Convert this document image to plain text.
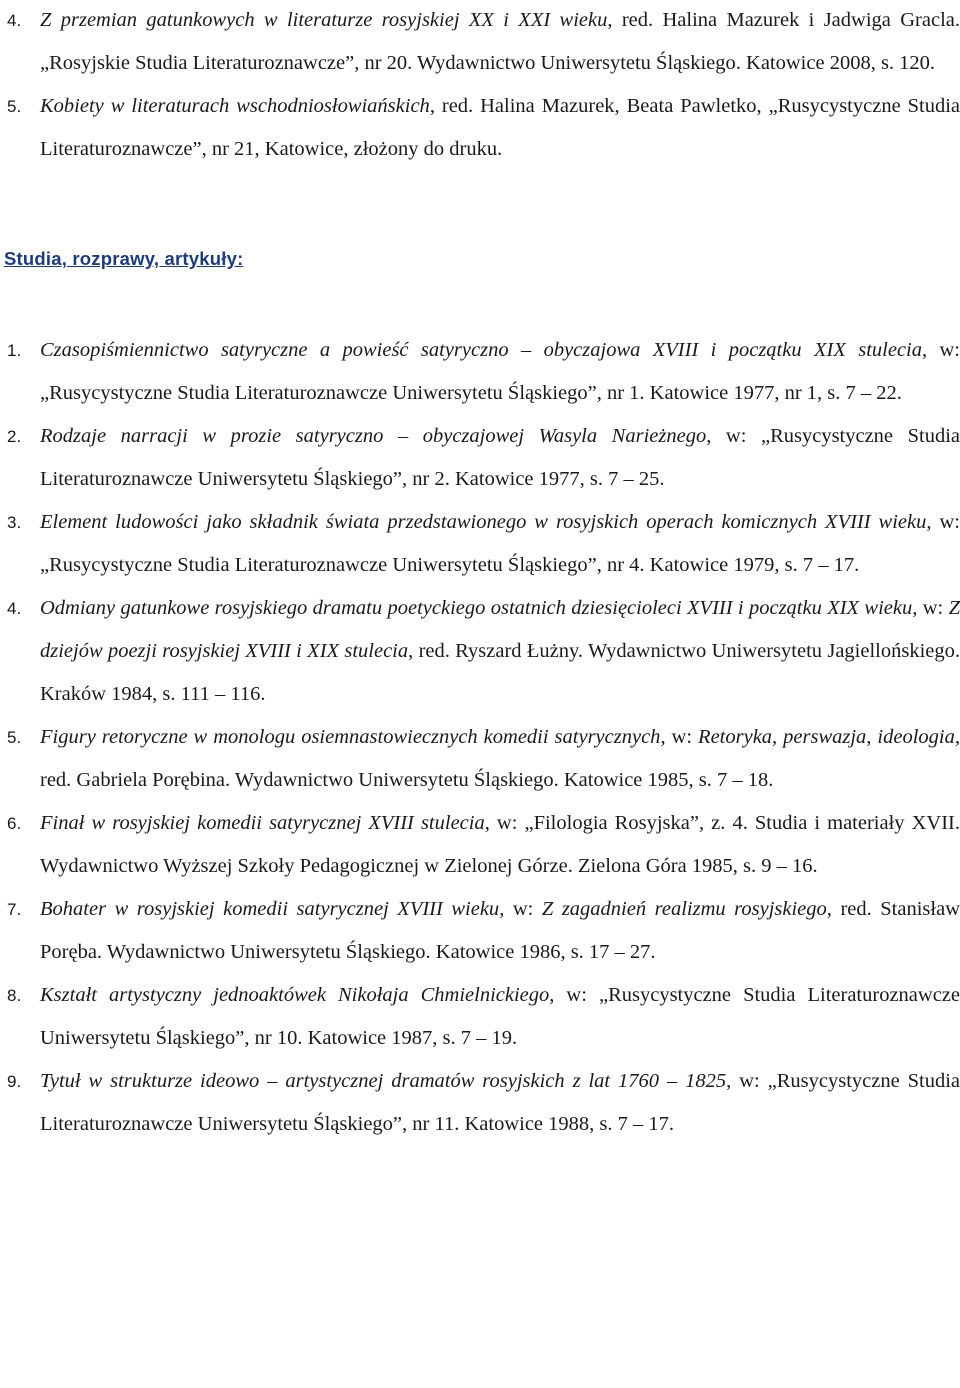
4. Z przemian gatunkowych w literaturze rosyjskiej XX i XXI wieku, red. Halina Mazurek i Jadwiga Gracla. „Rosyjskie Studia Literaturoznawcze”, nr 20. Wydawnictwo Uniwersytetu Śląskiego. Katowice 2008, s. 120.
5. Kobiety w literaturach wschodniosłowiańskich, red. Halina Mazurek, Beata Pawletko, „Rusycystyczne Studia Literaturoznawcze”, nr 21, Katowice, złożony do druku.
Studia, rozprawy, artykuły:
1. Czasopiśmiennictwo satyryczne a powieść satyryczno – obyczajowa XVIII i początku XIX stulecia, w: „Rusycystyczne Studia Literaturoznawcze Uniwersytetu Śląskiego”, nr 1. Katowice 1977, nr 1, s. 7 – 22.
2. Rodzaje narracji w prozie satyryczno – obyczajowej Wasyla Narieżnego, w: „Rusycystyczne Studia Literaturoznawcze Uniwersytetu Śląskiego”, nr 2. Katowice 1977, s. 7 – 25.
3. Element ludowości jako składnik świata przedstawionego w rosyjskich operach komicznych XVIII wieku, w: „Rusycystyczne Studia Literaturoznawcze Uniwersytetu Śląskiego”, nr 4. Katowice 1979, s. 7 – 17.
4. Odmiany gatunkowe rosyjskiego dramatu poetyckiego ostatnich dziesięcioleci XVIII i początku XIX wieku, w: Z dziejów poezji rosyjskiej XVIII i XIX stulecia, red. Ryszard Łużny. Wydawnictwo Uniwersytetu Jagiellońskiego. Kraków 1984, s. 111 – 116.
5. Figury retoryczne w monologu osiemnastowiecznych komedii satyrycznych, w: Retoryka, perswazja, ideologia, red. Gabriela Porębina. Wydawnictwo Uniwersytetu Śląskiego. Katowice 1985, s. 7 – 18.
6. Finał w rosyjskiej komedii satyrycznej XVIII stulecia, w: „Filologia Rosyjska”, z. 4. Studia i materiały XVII. Wydawnictwo Wyższej Szkoły Pedagogicznej w Zielonej Górze. Zielona Góra 1985, s. 9 – 16.
7. Bohater w rosyjskiej komedii satyrycznej XVIII wieku, w: Z zagadnień realizmu rosyjskiego, red. Stanisław Poręba. Wydawnictwo Uniwersytetu Śląskiego. Katowice 1986, s. 17 – 27.
8. Kształt artystyczny jednoaktówek Nikołaja Chmielnickiego, w: „Rusycystyczne Studia Literaturoznawcze Uniwersytetu Śląskiego”, nr 10. Katowice 1987, s. 7 – 19.
9. Tytuł w strukturze ideowo – artystycznej dramatów rosyjskich z lat 1760 – 1825, w: „Rusycystyczne Studia Literaturoznawcze Uniwersytetu Śląskiego”, nr 11. Katowice 1988, s. 7 – 17.
